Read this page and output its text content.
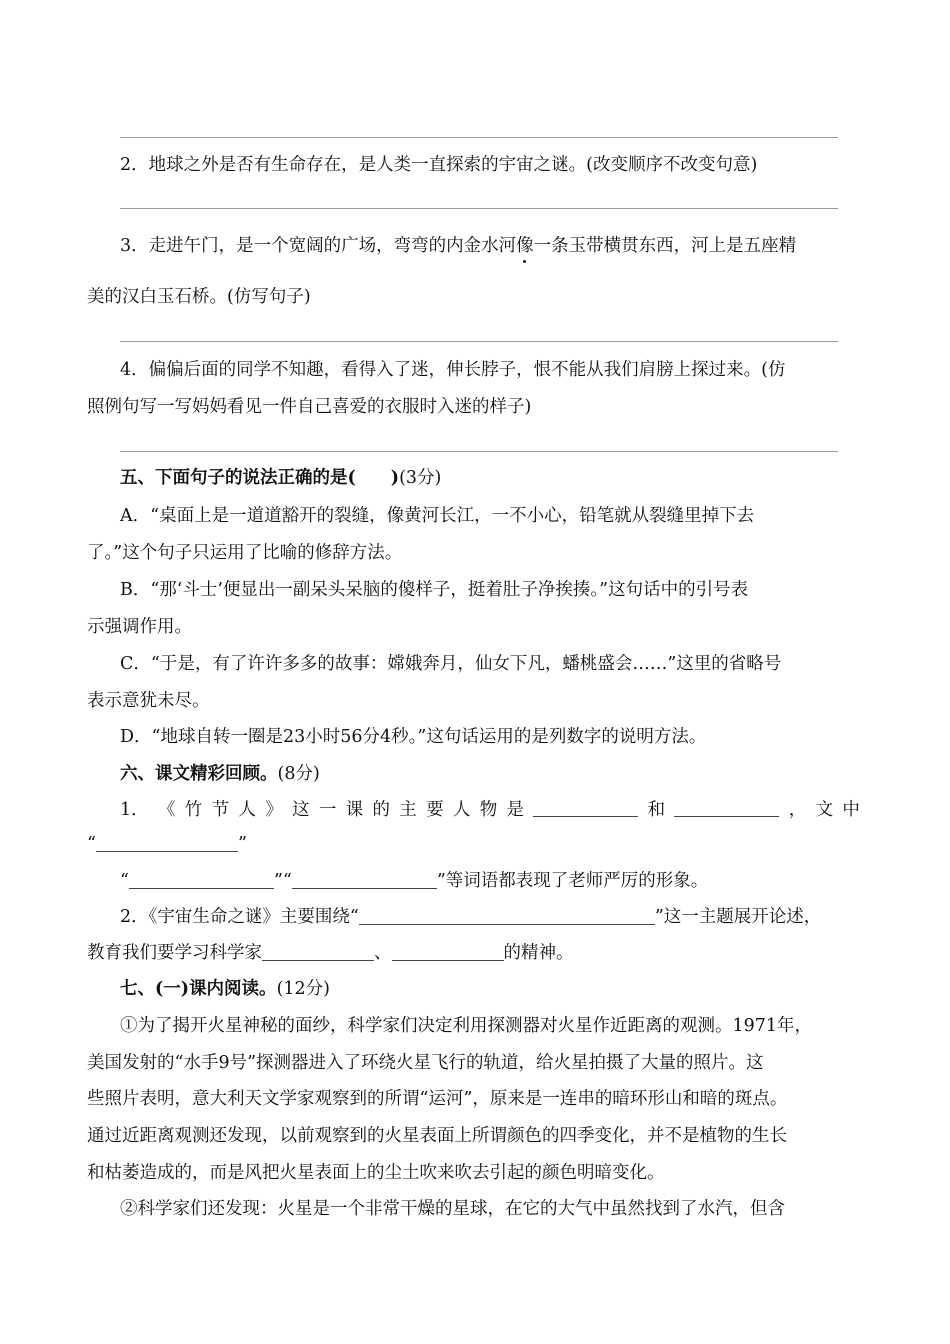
2．地球之外是否有生命存在，是人类一直探索的宇宙之谜。(改变顺序不改变句意)
3．走进午门，是一个宽阔的广场，弯弯的内金水河像一条玉带横贯东西，河上是五座精
美的汉白玉石桥。(仿写句子)
4．偏偏后面的同学不知趣，看得入了迷，伸长脖子，恨不能从我们肩膀上探过来。(仿
照例句写一写妈妈看见一件自己喜爱的衣服时入迷的样子)
五、下面句子的说法正确的是(　　)(3分)
A．“桌面上是一道道豁开的裂缝，像黄河长江，一不小心，铅笔就从裂缝里掉下去
了。”这个句子只运用了比喻的修辞方法。
B．“那‘斗士’便显出一副呆头呆脑的傻样子，挺着肚子净挨揍。”这句话中的引号表
示强调作用。
C．“于是，有了许许多多的故事：嫦娥奔月，仙女下凡，蟠桃盛会……”这里的省略号
表示意犹未尽。
D．“地球自转一圈是23小时56分4秒。”这句话运用的是列数字的说明方法。
六、课文精彩回顾。(8分)
1． 《 竹 节 人 》 这 一 课 的 主 要 人 物 是	和	， 文 中
“	”
“	”“	”等词语都表现了老师严厉的形象。
2．《宇宙生命之谜》主要围绕“	”这一主题展开论述，
教育我们要学习科学家	、	的精神。
七、(一)课内阅读。(12分)
①为了揭开火星神秘的面纱，科学家们决定利用探测器对火星作近距离的观测。1971年，
美国发射的“水手9号”探测器进入了环绕火星飞行的轨道，给火星拍摄了大量的照片。这
些照片表明，意大利天文学家观察到的所谓“运河”，原来是一连串的暗环形山和暗的斑点。
通过近距离观测还发现，以前观察到的火星表面上所谓颜色的四季变化，并不是植物的生长
和枯萎造成的，而是风把火星表面上的尘土吹来吹去引起的颜色明暗变化。
②科学家们还发现：火星是一个非常干燥的星球，在它的大气中虽然找到了水汽，但含
